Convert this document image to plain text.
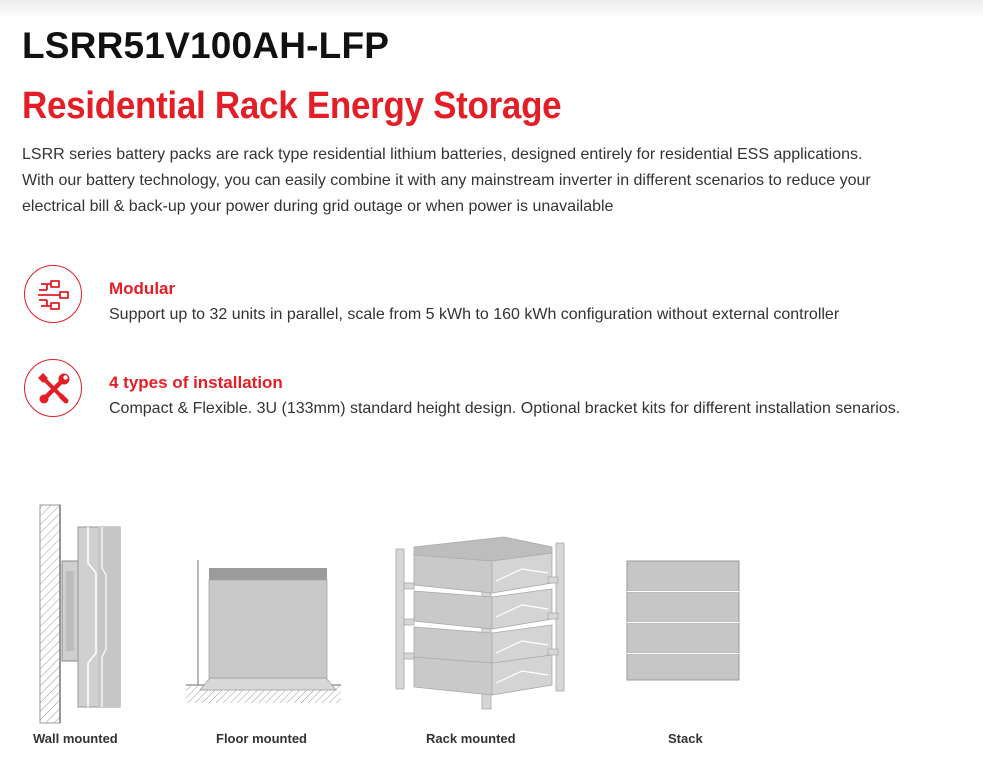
LSRR51V100AH-LFP
Residential Rack Energy Storage

LSRR series battery packs are rack type residential lithium batteries, designed entirely for residential ESS applications.
With our battery technology, you can easily combine it with any mainstream inverter in different scenarios to reduce your
electrical bill & back-up your power during grid outage or when power is unavailable

Modular
Support up to 32 units in parallel, scale from 5 kWh to 160 kWh configuration without external controller
4 types of installation
Compact & Flexible. 3U (133mm) standard height design. Optional bracket kits for different installation senarios.
Wall mounted	Floor mounted	Rack mounted	Stack
